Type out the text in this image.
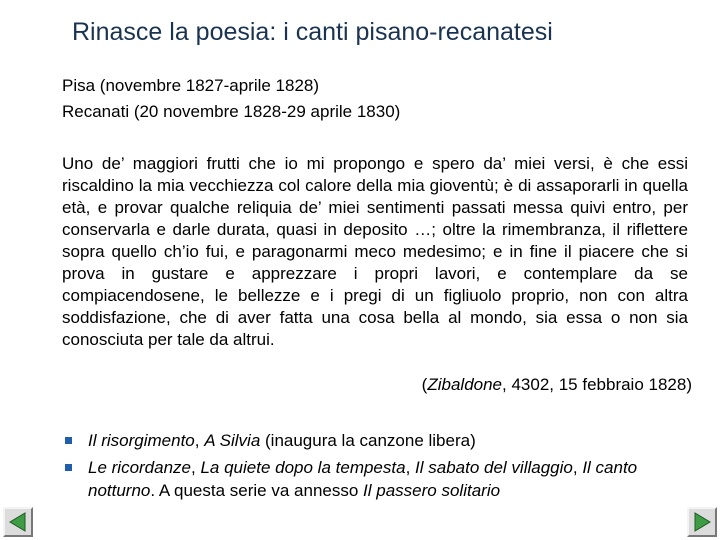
Rinasce la poesia: i canti pisano-recanatesi
Pisa (novembre 1827-aprile 1828)
Recanati (20 novembre 1828-29 aprile 1830)
Uno de’ maggiori frutti che io mi propongo e spero da’ miei versi, è che essi riscaldino la mia vecchiezza col calore della mia gioventù; è di assaporarli in quella età, e provar qualche reliquia de’ miei sentimenti passati messa quivi entro, per conservarla e darle durata, quasi in deposito …; oltre la rimembranza, il riflettere sopra quello ch’io fui, e paragonarmi meco medesimo; e in fine il piacere che si prova in gustare e apprezzare i propri lavori, e contemplare da se compiacendosene, le bellezze e i pregi di un figliuolo proprio, non con altra soddisfazione, che di aver fatta una cosa bella al mondo, sia essa o non sia conosciuta per tale da altrui.
(Zibaldone, 4302, 15 febbraio 1828)
Il risorgimento, A Silvia (inaugura la canzone libera)
Le ricordanze, La quiete dopo la tempesta, Il sabato del villaggio, Il canto notturno. A questa serie va annesso Il passero solitario
